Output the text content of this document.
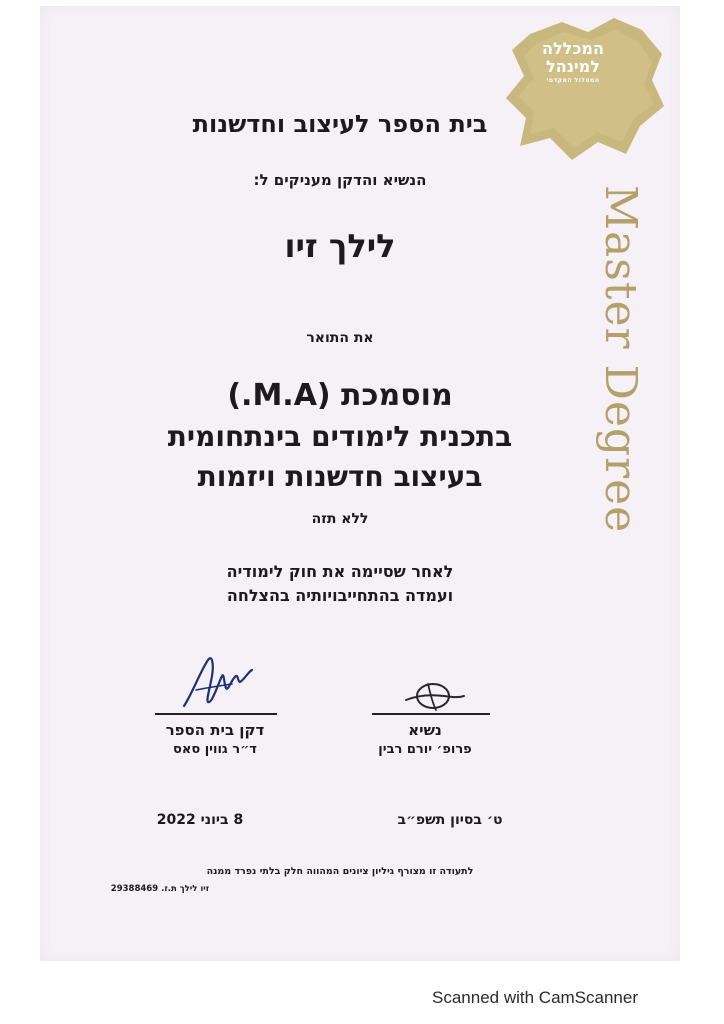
המכללה
למינהל
המסלול האקדמי
Master Degree
בית הספר לעיצוב וחדשנות
הנשיא והדקן מעניקים ל:
לילך זיו
את התואר
מוסמכת (M.A.)
בתכנית לימודים בינתחומית
בעיצוב חדשנות ויזמות
ללא תזה
לאחר שסיימה את חוק לימודיה
ועמדה בהתחייבויותיה בהצלחה
דקן בית הספר
ד״ר גווין סאס
נשיא
פרופ׳ יורם רבין
8 ביוני 2022	ט׳ בסיון תשפ״ב
לתעודה זו מצורף גיליון ציונים המהווה חלק בלתי נפרד ממנה
זיו לילך ת.ז. 29388469
Scanned with CamScanner
